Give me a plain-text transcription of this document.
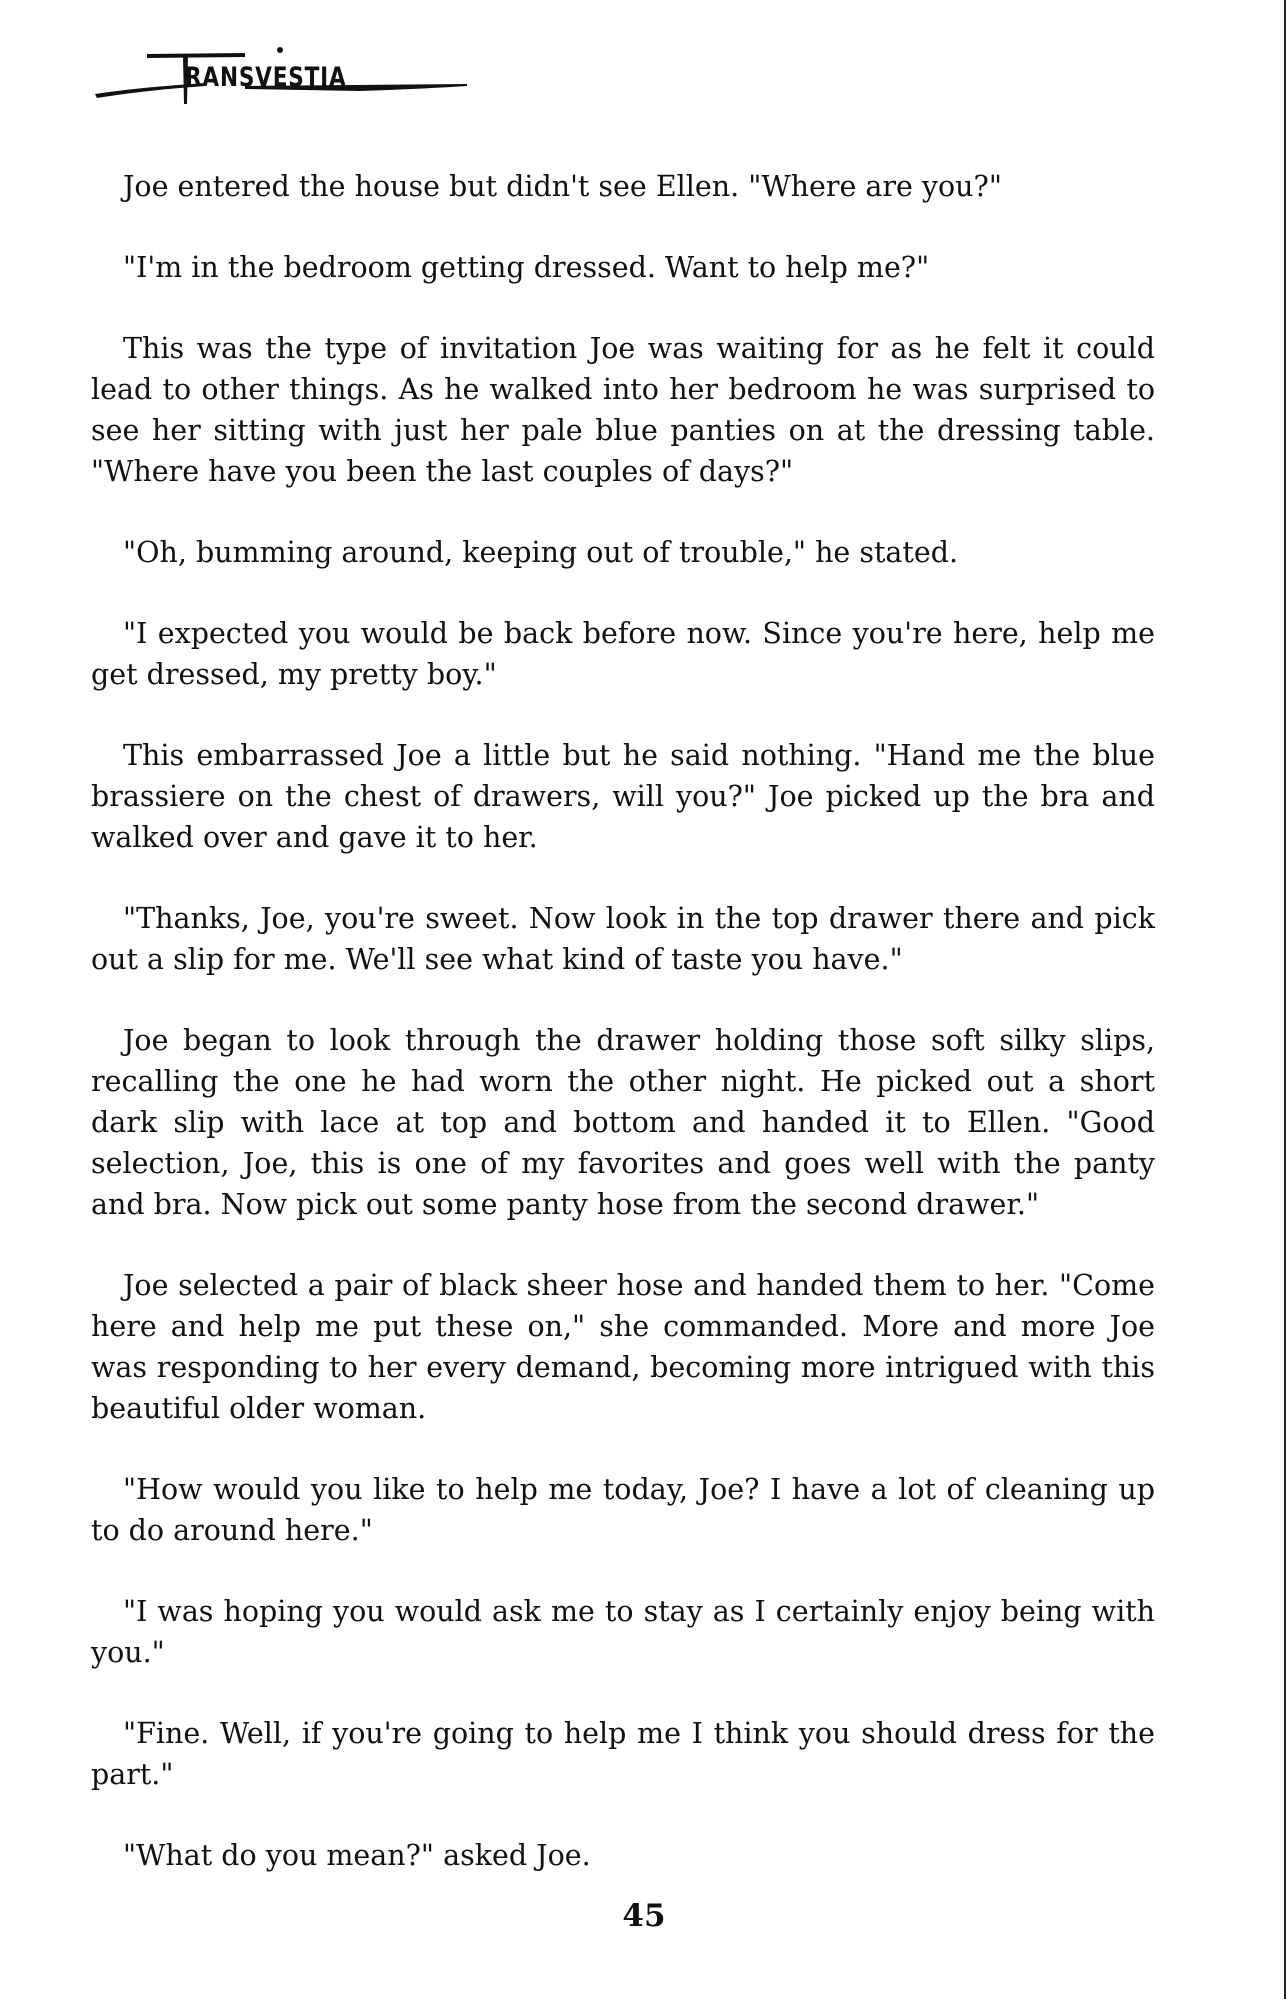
RANSVESTIA

Joe entered the house but didn't see Ellen. "Where are you?"

"I'm in the bedroom getting dressed. Want to help me?"

This was the type of invitation Joe was waiting for as he felt it could lead to other things. As he walked into her bedroom he was surprised to see her sitting with just her pale blue panties on at the dressing table. "Where have you been the last couples of days?"

"Oh, bumming around, keeping out of trouble," he stated.

"I expected you would be back before now. Since you're here, help me get dressed, my pretty boy."

This embarrassed Joe a little but he said nothing. "Hand me the blue brassiere on the chest of drawers, will you?" Joe picked up the bra and walked over and gave it to her.

"Thanks, Joe, you're sweet. Now look in the top drawer there and pick out a slip for me. We'll see what kind of taste you have."

Joe began to look through the drawer holding those soft silky slips, recalling the one he had worn the other night. He picked out a short dark slip with lace at top and bottom and handed it to Ellen. "Good selection, Joe, this is one of my favorites and goes well with the panty and bra. Now pick out some panty hose from the second drawer."

Joe selected a pair of black sheer hose and handed them to her. "Come here and help me put these on," she commanded. More and more Joe was responding to her every demand, becoming more intrigued with this beautiful older woman.

"How would you like to help me today, Joe? I have a lot of cleaning up to do around here."

"I was hoping you would ask me to stay as I certainly enjoy being with you."

"Fine. Well, if you're going to help me I think you should dress for the part."

"What do you mean?" asked Joe.

45
